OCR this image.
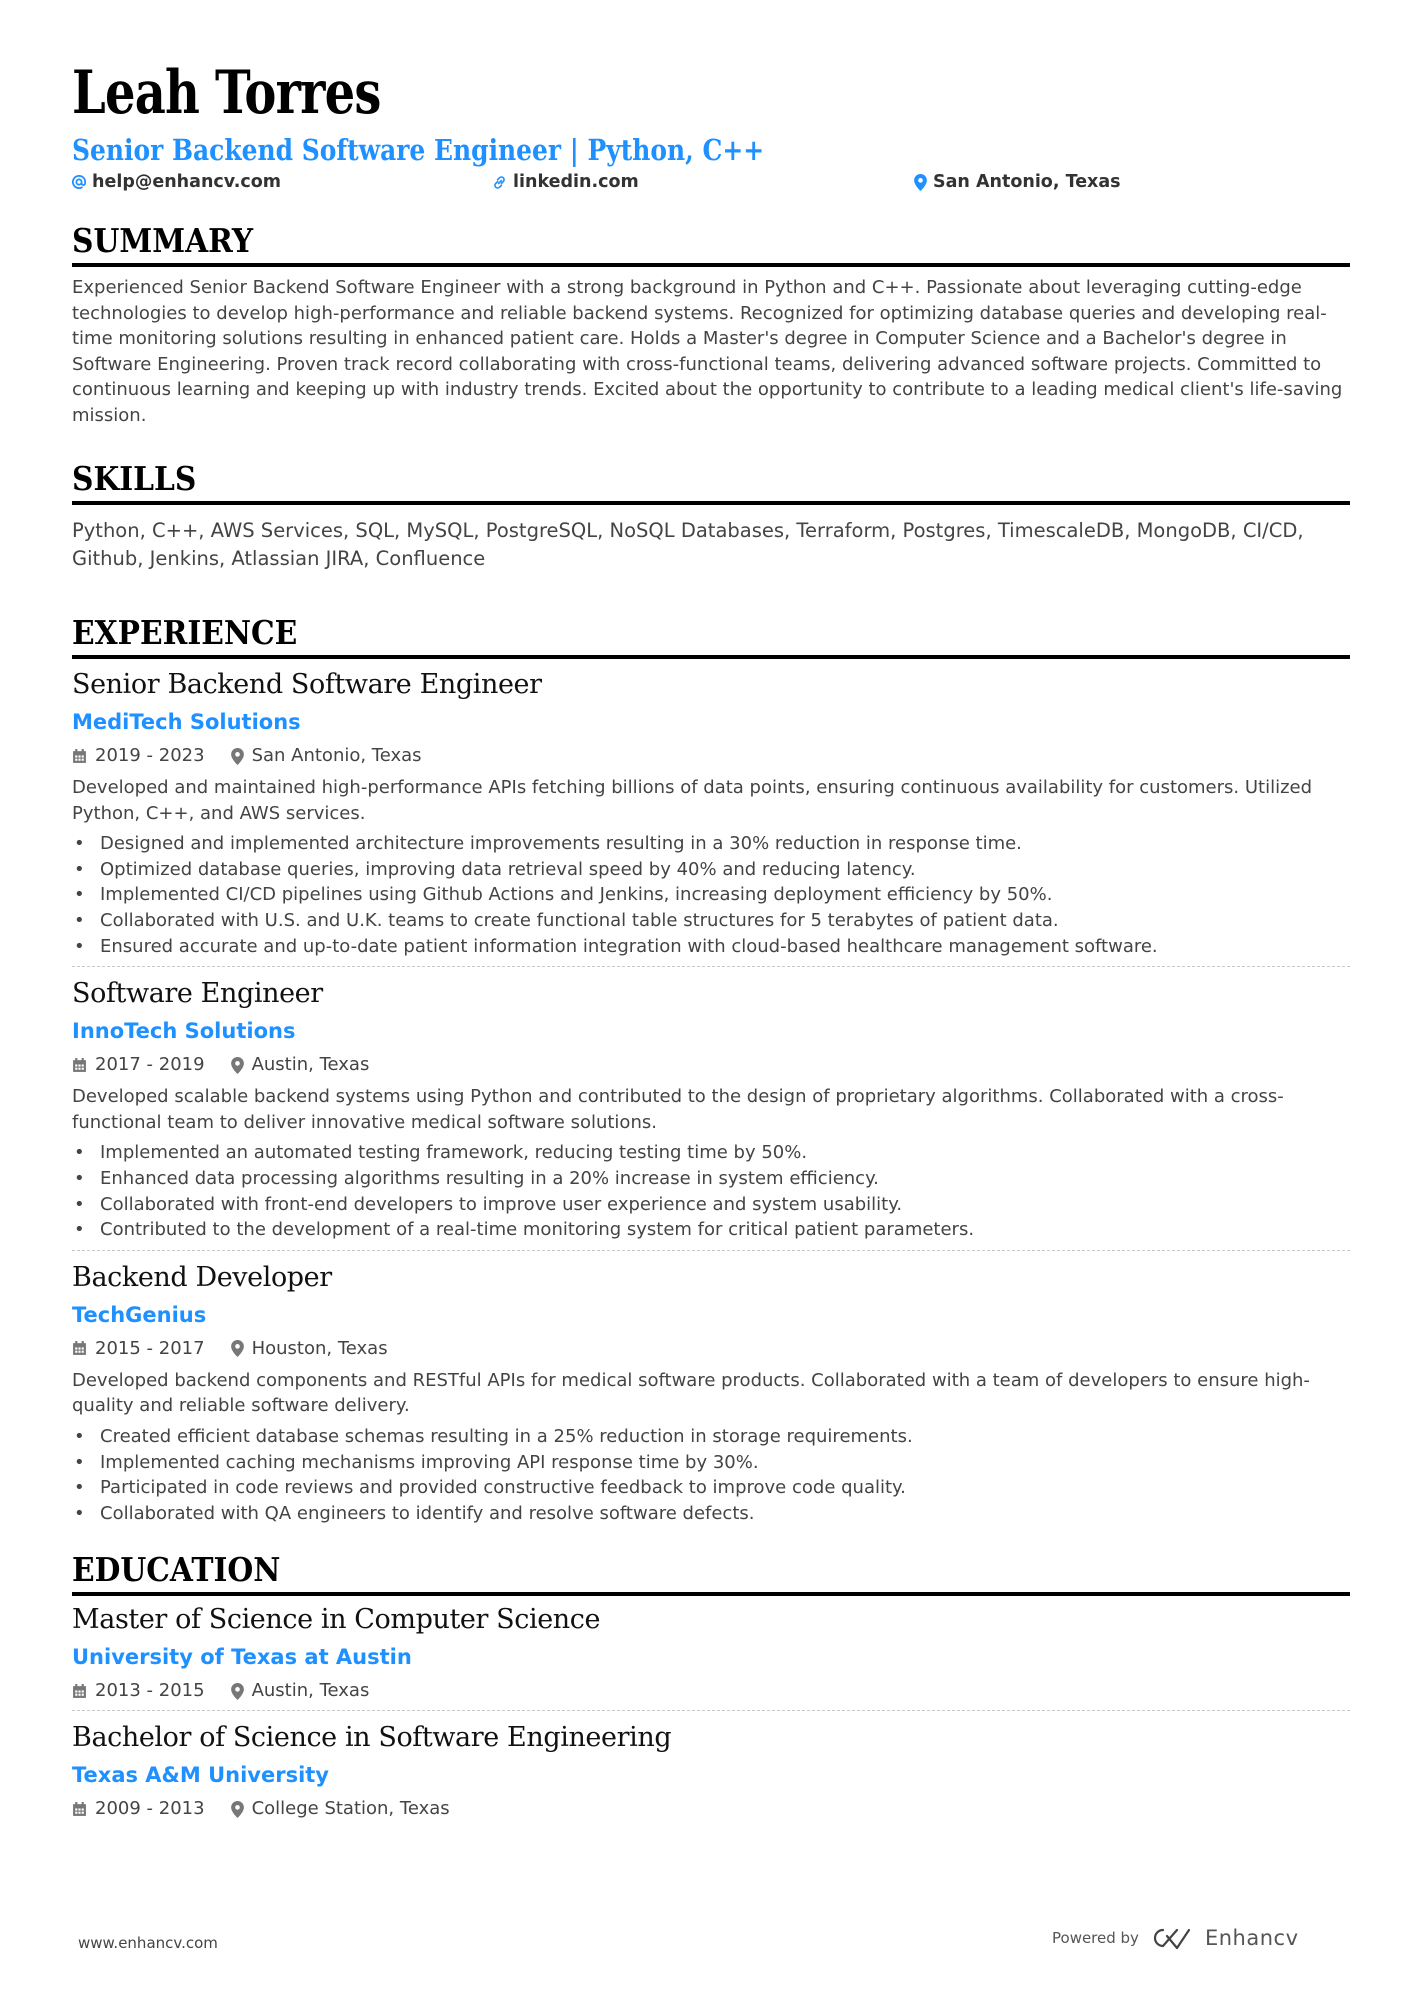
Leah Torres
Senior Backend Software Engineer | Python, C++
help@enhancv.com	linkedin.com	San Antonio, Texas
SUMMARY
Experienced Senior Backend Software Engineer with a strong background in Python and C++. Passionate about leveraging cutting-edge technologies to develop high-performance and reliable backend systems. Recognized for optimizing database queries and developing real-time monitoring solutions resulting in enhanced patient care. Holds a Master's degree in Computer Science and a Bachelor's degree in Software Engineering. Proven track record collaborating with cross-functional teams, delivering advanced software projects. Committed to continuous learning and keeping up with industry trends. Excited about the opportunity to contribute to a leading medical client's life-saving mission.
SKILLS
Python, C++, AWS Services, SQL, MySQL, PostgreSQL, NoSQL Databases, Terraform, Postgres, TimescaleDB, MongoDB, CI/CD, Github, Jenkins, Atlassian JIRA, Confluence
EXPERIENCE
Senior Backend Software Engineer
MediTech Solutions
2019 - 2023	San Antonio, Texas
Developed and maintained high-performance APIs fetching billions of data points, ensuring continuous availability for customers. Utilized Python, C++, and AWS services.
• Designed and implemented architecture improvements resulting in a 30% reduction in response time.
• Optimized database queries, improving data retrieval speed by 40% and reducing latency.
• Implemented CI/CD pipelines using Github Actions and Jenkins, increasing deployment efficiency by 50%.
• Collaborated with U.S. and U.K. teams to create functional table structures for 5 terabytes of patient data.
• Ensured accurate and up-to-date patient information integration with cloud-based healthcare management software.
Software Engineer
InnoTech Solutions
2017 - 2019	Austin, Texas
Developed scalable backend systems using Python and contributed to the design of proprietary algorithms. Collaborated with a cross-functional team to deliver innovative medical software solutions.
• Implemented an automated testing framework, reducing testing time by 50%.
• Enhanced data processing algorithms resulting in a 20% increase in system efficiency.
• Collaborated with front-end developers to improve user experience and system usability.
• Contributed to the development of a real-time monitoring system for critical patient parameters.
Backend Developer
TechGenius
2015 - 2017	Houston, Texas
Developed backend components and RESTful APIs for medical software products. Collaborated with a team of developers to ensure high-quality and reliable software delivery.
• Created efficient database schemas resulting in a 25% reduction in storage requirements.
• Implemented caching mechanisms improving API response time by 30%.
• Participated in code reviews and provided constructive feedback to improve code quality.
• Collaborated with QA engineers to identify and resolve software defects.
EDUCATION
Master of Science in Computer Science
University of Texas at Austin
2013 - 2015	Austin, Texas
Bachelor of Science in Software Engineering
Texas A&M University
2009 - 2013	College Station, Texas
www.enhancv.com	Powered by	Enhancv
